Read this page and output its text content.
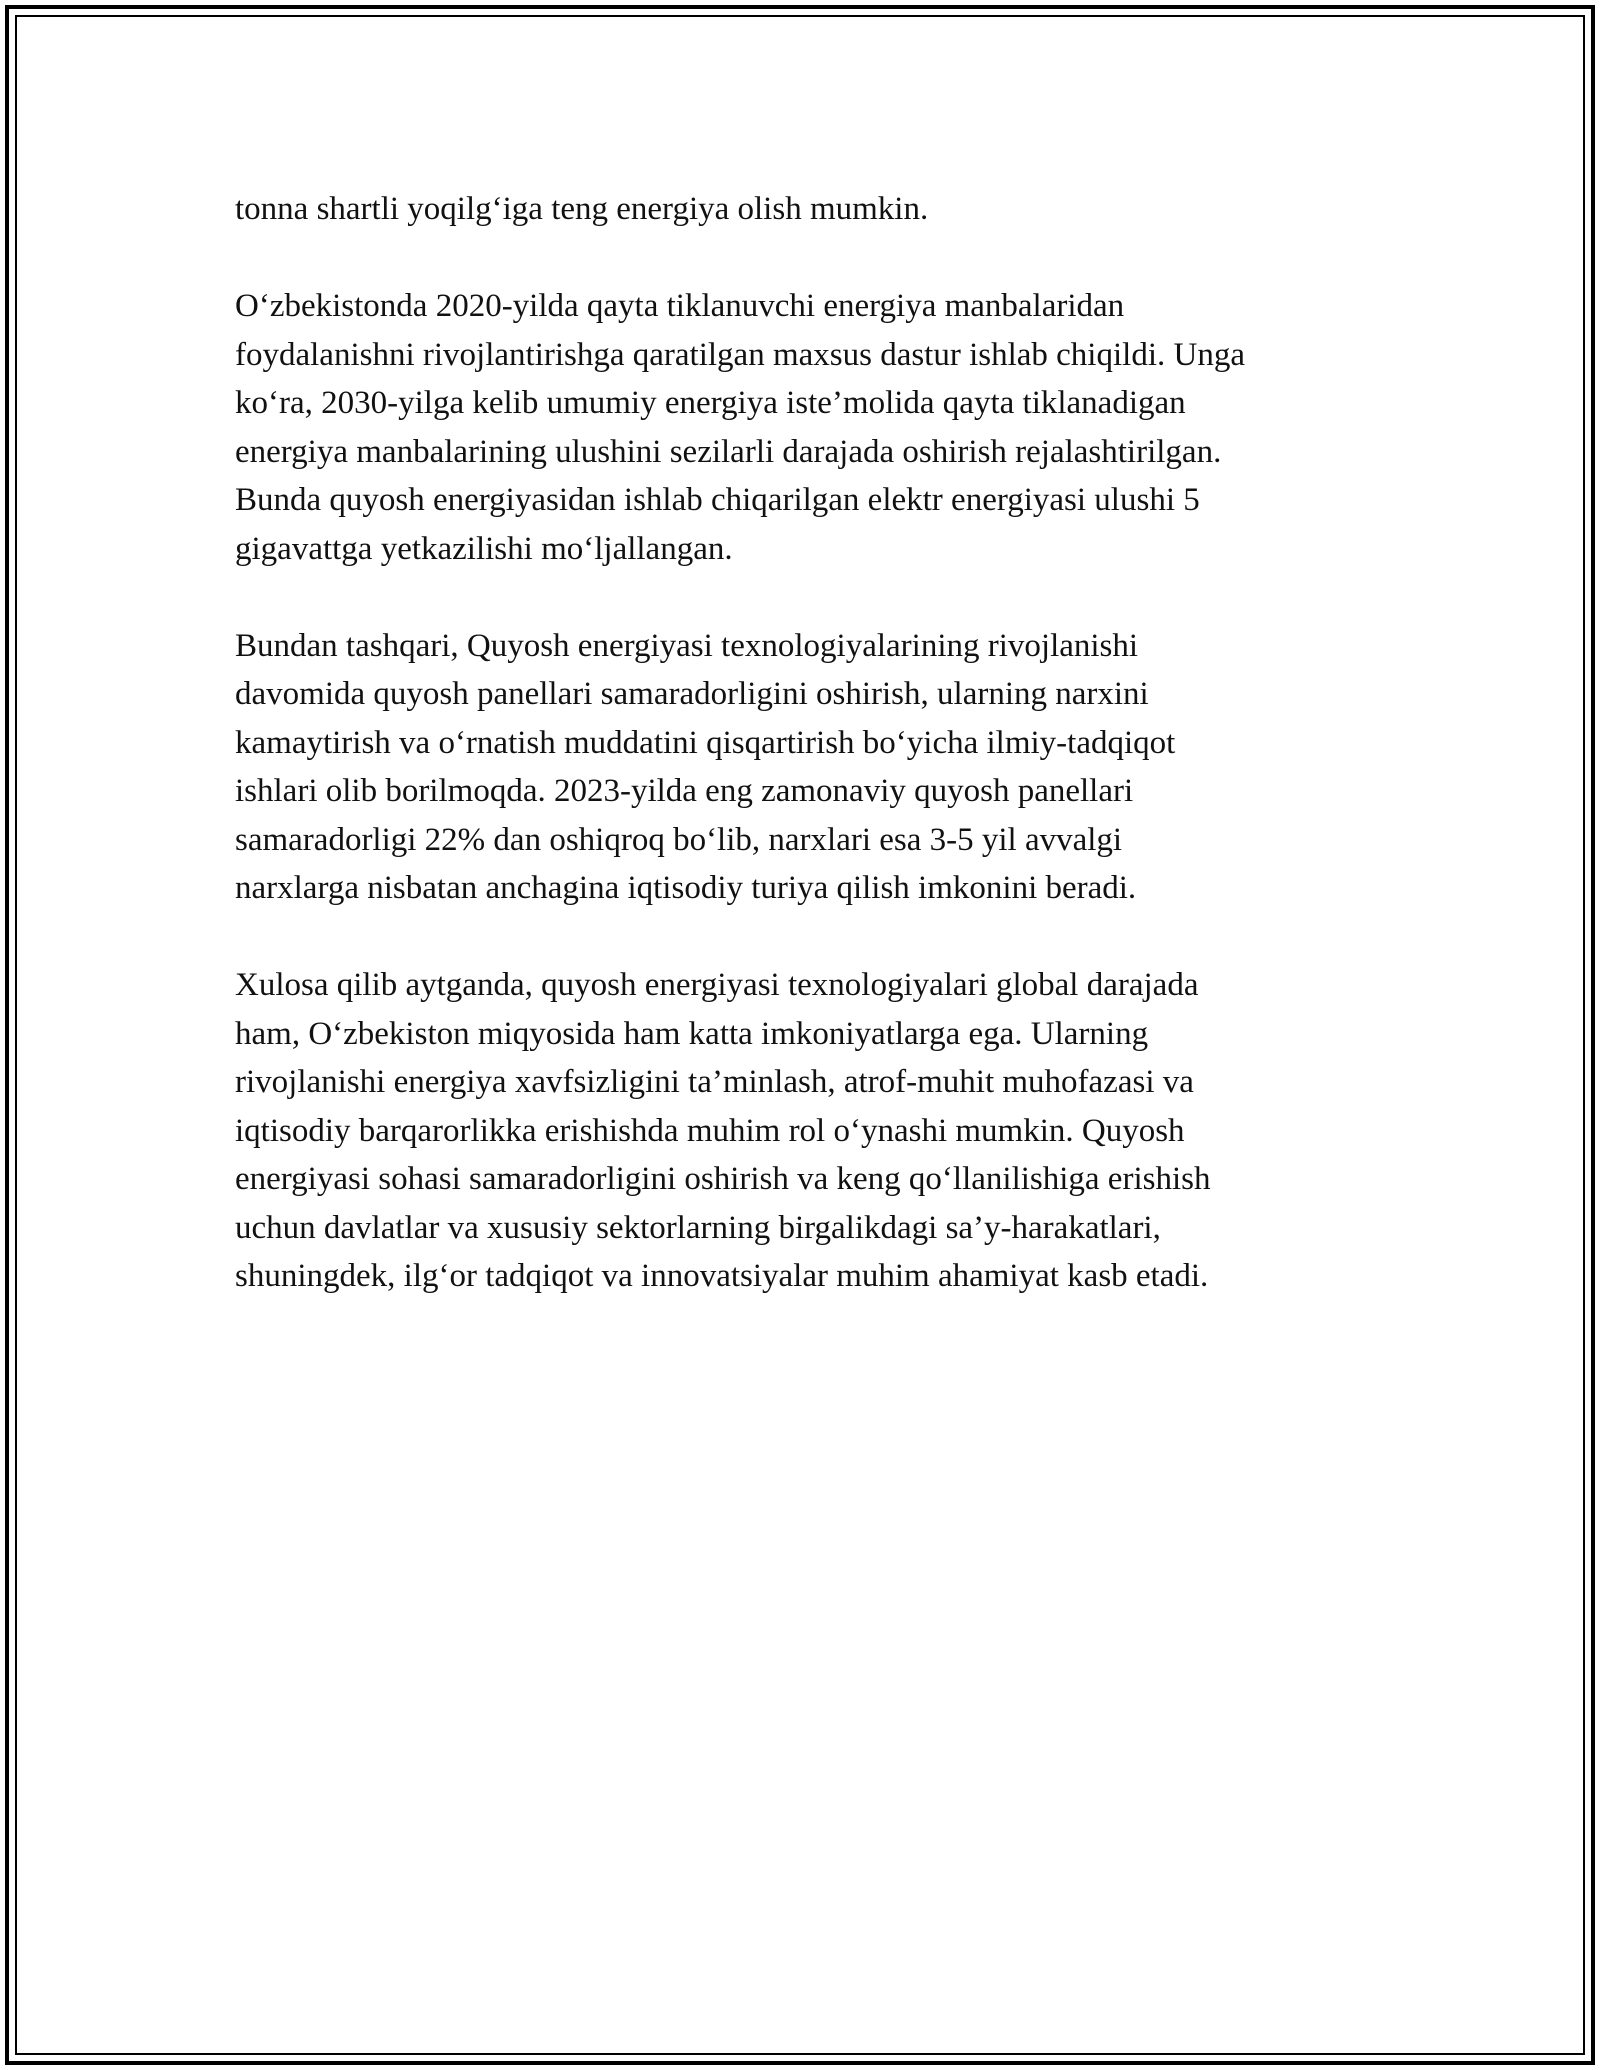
tonna shartli yoqilg‘iga teng energiya olish mumkin.

O‘zbekistonda 2020-yilda qayta tiklanuvchi energiya manbalaridan
foydalanishni rivojlantirishga qaratilgan maxsus dastur ishlab chiqildi. Unga
ko‘ra, 2030-yilga kelib umumiy energiya iste’molida qayta tiklanadigan
energiya manbalarining ulushini sezilarli darajada oshirish rejalashtirilgan.
Bunda quyosh energiyasidan ishlab chiqarilgan elektr energiyasi ulushi 5
gigavattga yetkazilishi mo‘ljallangan.

Bundan tashqari, Quyosh energiyasi texnologiyalarining rivojlanishi
davomida quyosh panellari samaradorligini oshirish, ularning narxini
kamaytirish va o‘rnatish muddatini qisqartirish bo‘yicha ilmiy-tadqiqot
ishlari olib borilmoqda. 2023-yilda eng zamonaviy quyosh panellari
samaradorligi 22% dan oshiqroq bo‘lib, narxlari esa 3-5 yil avvalgi
narxlarga nisbatan anchagina iqtisodiy turiya qilish imkonini beradi.

Xulosa qilib aytganda, quyosh energiyasi texnologiyalari global darajada
ham, O‘zbekiston miqyosida ham katta imkoniyatlarga ega. Ularning
rivojlanishi energiya xavfsizligini ta’minlash, atrof-muhit muhofazasi va
iqtisodiy barqarorlikka erishishda muhim rol o‘ynashi mumkin. Quyosh
energiyasi sohasi samaradorligini oshirish va keng qo‘llanilishiga erishish
uchun davlatlar va xususiy sektorlarning birgalikdagi sa’y-harakatlari,
shuningdek, ilg‘or tadqiqot va innovatsiyalar muhim ahamiyat kasb etadi.
